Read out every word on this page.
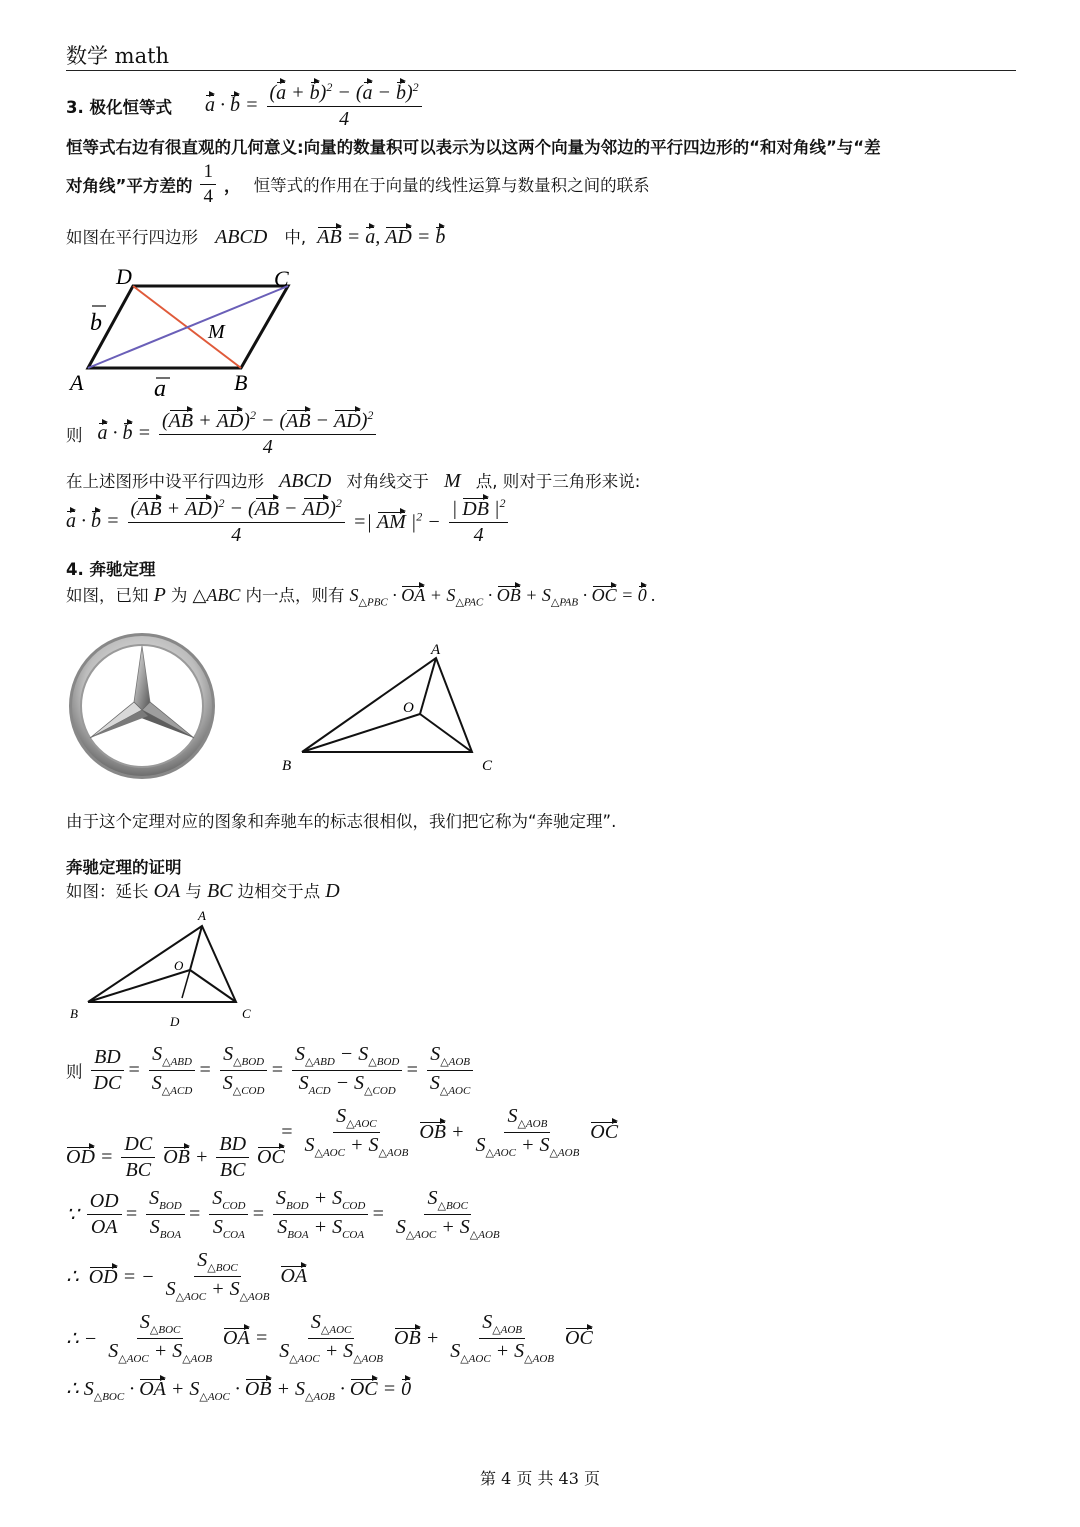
数学 math
3. 极化恒等式 $a \cdot b = \frac{(a + b)^2 - (a - b)^2}{4}$
恒等式右边有很直观的几何意义:向量的数量积可以表示为以这两个向量为邻边的平行四边形的“和对角线”与“差
对角线”平方差的 $\frac{1}{4}$ ， 恒等式的作用在于向量的线性运算与数量积之间的联系
如图在平行四边形 ABCD 中, AB = a, AD = b
D	C
A	B
M
a
b
则 $a \cdot b = \frac{(AB + AD)^2 - (AB - AD)^2}{4}$
在上述图形中设平行四边形 ABCD 对角线交于 M 点, 则对于三角形来说:
$a \cdot b = \frac{(AB + AD)^2 - (AB - AD)^2}{4}$ =| AM $|^2 - \frac{| DB |^2}{4}$
4. 奔驰定理
如图，已知 P 为 △ABC 内一点，则有 $S_{\triangle PBC}$ · OA + $S_{\triangle PAC}$ · OB + $S_{\triangle PAB}$ · OC = 0 .
A
B	C
O
由于这个定理对应的图象和奔驰车的标志很相似，我们把它称为“奔驰定理”.
奔驰定理的证明
如图：延长 OA 与 BC 边相交于点 D
A
B	C
O
D
则 $\frac{BD}{DC} = \frac{S_{\triangle ABD}}{S_{\triangle ACD}} = \frac{S_{\triangle BOD}}{S_{\triangle COD}} = \frac{S_{\triangle ABD} - S_{\triangle BOD}}{S_{ACD} - S_{\triangle COD}} = \frac{S_{\triangle AOB}}{S_{\triangle AOC}}$
OD = $\frac{DC}{BC}$ OB + $\frac{BD}{BC}$ OC
= $\frac{S_{\triangle AOC}}{S_{\triangle AOC} + S_{\triangle AOB}}$ OB + $\frac{S_{\triangle AOB}}{S_{\triangle AOC} + S_{\triangle AOB}}$ OC
∵ $\frac{OD}{OA} = \frac{S_{BOD}}{S_{BOA}} = \frac{S_{COD}}{S_{COA}} = \frac{S_{BOD} + S_{COD}}{S_{BOA} + S_{COA}} = \frac{S_{\triangle BOC}}{S_{\triangle AOC} + S_{\triangle AOB}}$
∴  OD = − $\frac{S_{\triangle BOC}}{S_{\triangle AOC} + S_{\triangle AOB}}$ OA
∴ − $\frac{S_{\triangle BOC}}{S_{\triangle AOC} + S_{\triangle AOB}}$ OA = $\frac{S_{\triangle AOC}}{S_{\triangle AOC} + S_{\triangle AOB}}$ OB + $\frac{S_{\triangle AOB}}{S_{\triangle AOC} + S_{\triangle AOB}}$ OC
∴ $S_{\triangle BOC}$ · OA + $S_{\triangle AOC}$ · OB + $S_{\triangle AOB}$ · OC = 0
第 4 页 共 43 页
